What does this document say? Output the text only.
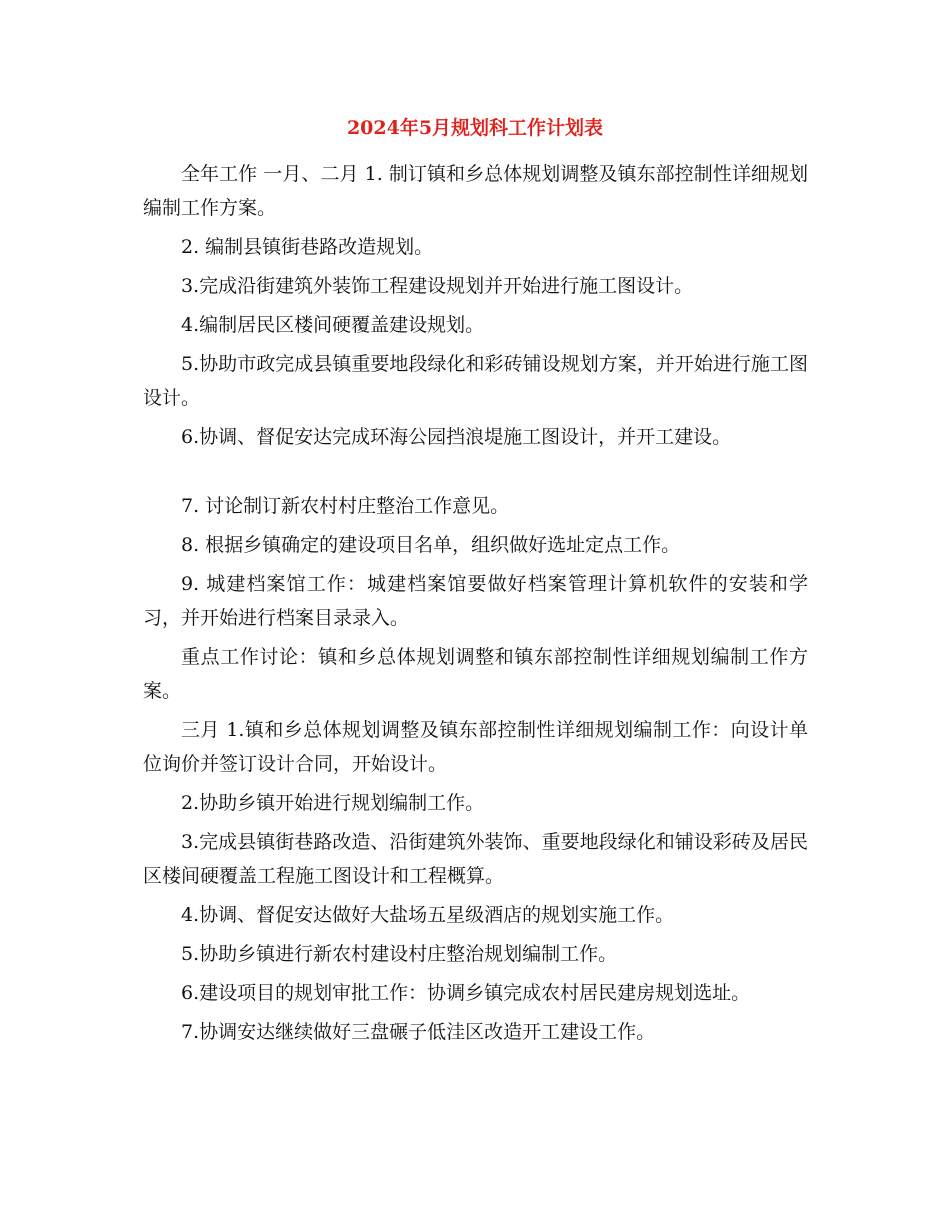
2024年5月规划科工作计划表

全年工作 一月、二月 1. 制订镇和乡总体规划调整及镇东部控制性详细规划编制工作方案。

2. 编制县镇街巷路改造规划。

3.完成沿街建筑外装饰工程建设规划并开始进行施工图设计。

4.编制居民区楼间硬覆盖建设规划。

5.协助市政完成县镇重要地段绿化和彩砖铺设规划方案，并开始进行施工图设计。

6.协调、督促安达完成环海公园挡浪堤施工图设计，并开工建设。

7. 讨论制订新农村村庄整治工作意见。

8. 根据乡镇确定的建设项目名单，组织做好选址定点工作。

9. 城建档案馆工作：城建档案馆要做好档案管理计算机软件的安装和学习，并开始进行档案目录录入。

重点工作讨论：镇和乡总体规划调整和镇东部控制性详细规划编制工作方案。

三月 1.镇和乡总体规划调整及镇东部控制性详细规划编制工作：向设计单位询价并签订设计合同，开始设计。

2.协助乡镇开始进行规划编制工作。

3.完成县镇街巷路改造、沿街建筑外装饰、重要地段绿化和铺设彩砖及居民区楼间硬覆盖工程施工图设计和工程概算。

4.协调、督促安达做好大盐场五星级酒店的规划实施工作。

5.协助乡镇进行新农村建设村庄整治规划编制工作。

6.建设项目的规划审批工作：协调乡镇完成农村居民建房规划选址。

7.协调安达继续做好三盘碾子低洼区改造开工建设工作。
